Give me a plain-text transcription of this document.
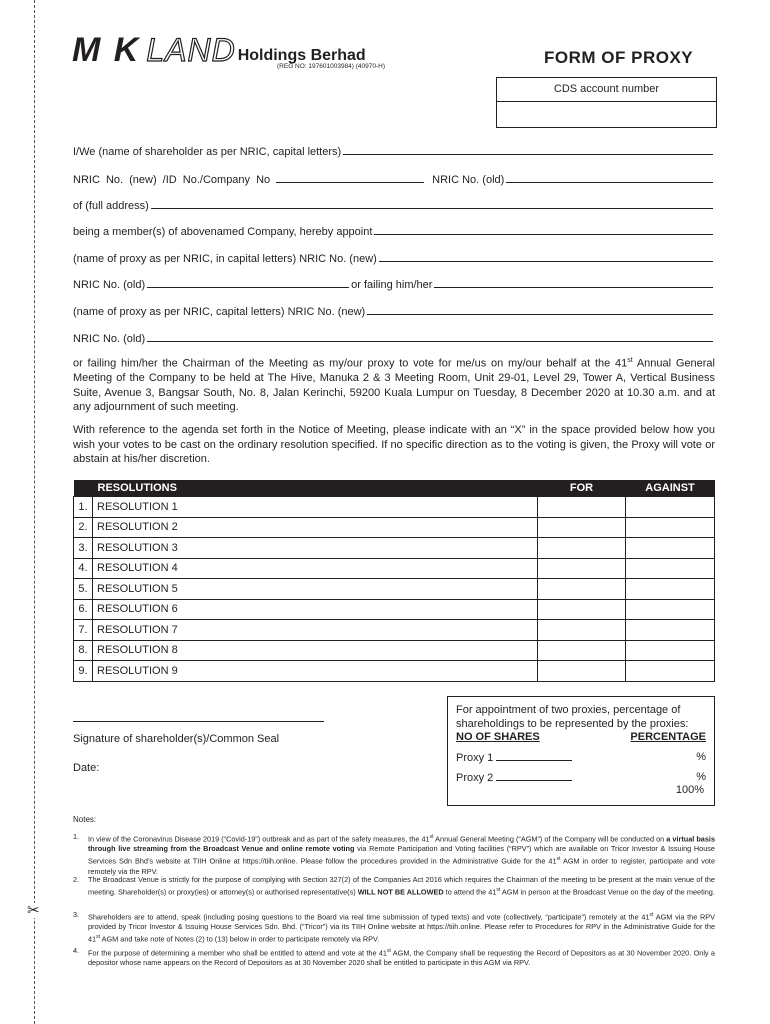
✂
M K LAND Holdings Berhad
(REG NO: 197601003984) (40970-H)	FORM OF PROXY
CDS account number
I/We (name of shareholder as per NRIC, capital letters)
NRIC No. (new) /ID No./Company No	NRIC No. (old)
of (full address)
being a member(s) of abovenamed Company, hereby appoint
(name of proxy as per NRIC, in capital letters) NRIC No. (new)
NRIC No. (old)	or failing him/her
(name of proxy as per NRIC, capital letters) NRIC No. (new)
NRIC No. (old)
or failing him/her the Chairman of the Meeting as my/our proxy to vote for me/us on my/our behalf at the 41st Annual General Meeting of the Company to be held at The Hive, Manuka 2 & 3 Meeting Room, Unit 29-01, Level 29, Tower A, Vertical Business Suite, Avenue 3, Bangsar South, No. 8, Jalan Kerinchi, 59200 Kuala Lumpur on Tuesday, 8 December 2020 at 10.30 a.m. and at any adjournment of such meeting.
With reference to the agenda set forth in the Notice of Meeting, please indicate with an “X” in the space provided below how you wish your votes to be cast on the ordinary resolution specified. If no specific direction as to the voting is given, the Proxy will vote or abstain at his/her discretion.
RESOLUTIONS		FOR	AGAINST
1.	RESOLUTION 1		
2.	RESOLUTION 2		
3.	RESOLUTION 3		
4.	RESOLUTION 4		
5.	RESOLUTION 5		
6.	RESOLUTION 6		
7.	RESOLUTION 7		
8.	RESOLUTION 8		
9.	RESOLUTION 9		
Signature of shareholder(s)/Common Seal
Date:
For appointment of two proxies, percentage of shareholdings to be represented by the proxies:
NO OF SHARES	PERCENTAGE
Proxy 1	%
Proxy 2	%
100%
Notes:
1.	In view of the Coronavirus Disease 2019 (“Covid-19”) outbreak and as part of the safety measures, the 41st Annual General Meeting (“AGM”) of the Company will be conducted on a virtual basis through live streaming from the Broadcast Venue and online remote voting via Remote Participation and Voting facilities (“RPV”) which are available on Tricor Investor & Issuing House Services Sdn Bhd’s website at TIIH Online at https://tiih.online. Please follow the procedures provided in the Administrative Guide for the 41st AGM in order to register, participate and vote remotely via the RPV.
2.	The Broadcast Venue is strictly for the purpose of complying with Section 327(2) of the Companies Act 2016 which requires the Chairman of the meeting to be present at the main venue of the meeting. Shareholder(s) or proxy(ies) or attorney(s) or authorised representative(s) WILL NOT BE ALLOWED to attend the 41st AGM in person at the Broadcast Venue on the day of the meeting.
3.	Shareholders are to attend, speak (including posing questions to the Board via real time submission of typed texts) and vote (collectively, “participate”) remotely at the 41st AGM via the RPV provided by Tricor Investor & Issuing House Services Sdn. Bhd. (“Tricor”) via its TIIH Online website at https://tiih.online. Please refer to Procedures for RPV in the Administrative Guide for the 41st AGM and take note of Notes (2) to (13) below in order to participate remotely via RPV.
4.	For the purpose of determining a member who shall be entitled to attend and vote at the 41st AGM, the Company shall be requesting the Record of Depositors as at 30 November 2020. Only a depositor whose name appears on the Record of Depositors as at 30 November 2020 shall be entitled to participate in this AGM via RPV.
